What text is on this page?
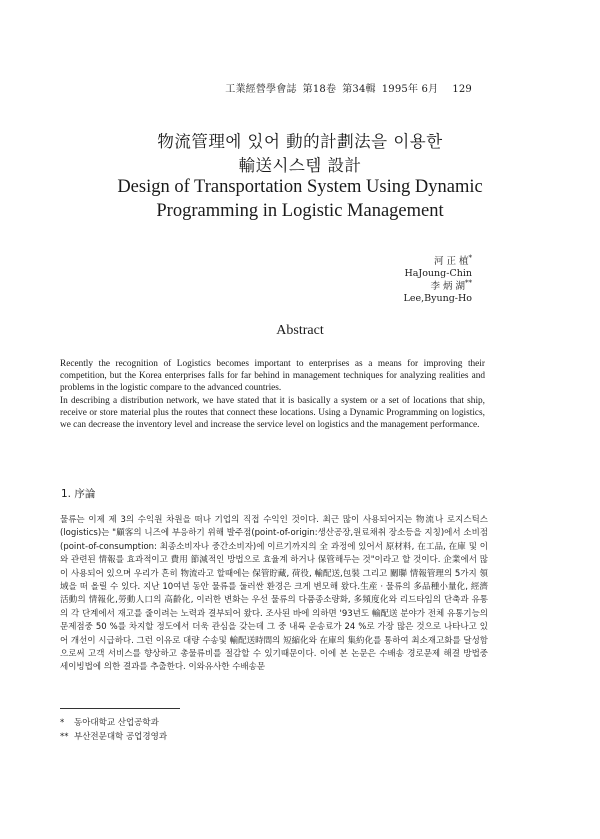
工業經營學會誌 第18卷 第34輯 1995年 6月 129
物流管理에 있어 動的計劃法을 이용한
輸送시스템 設計
Design of Transportation System Using Dynamic
Programming in Logistic Management
河 正 植*
HaJoung-Chin
李 炳 湖**
Lee,Byung-Ho
Abstract

Recently the recognition of Logistics becomes important to enterprises as a means for improving their competition, but the Korea enterprises falls for far behind in management techniques for analyzing realities and problems in the logistic compare to the advanced countries.

In describing a distribution network, we have stated that it is basically a system or a set of locations that ship, receive or store material plus the routes that connect these locations. Using a Dynamic Programming on logistics, we can decrease the inventory level and increase the service level on logistics and the management performance.

1. 序論
물류는 이제 제 3의 수익원 차원을 떠나 기업의 직접 수익인 것이다. 최근 많이 사용되어지는 物流나 로지스틱스(logistics)는 "顧客의 니즈에 부응하기 위해 발주점(point-of-origin:생산공장,원료채취 장소등을 지칭)에서 소비점(point-of-consumption: 최종소비자나 중간소비자)에 이르기까지의 全 과정에 있어서 原材料, 在工品, 在庫 및 이와 관련된 情報를 효과적이고 費用 節減적인 방법으로 효율계 하거나 保管해두는 것"이라고 할 것이다. 企業에서 많이 사용되어 있으며 우리가 흔히 物流라고 할때에는 保管貯藏, 荷役, 輸配送,包裝 그리고 關聯 情報管理의 5가지 領域을 떠 올릴 수 있다. 지난 10여년 동안 물류를 둘러싼 환경은 크게 변모해 왔다.生産 · 물류의 多品種小量化, 經濟活動의 情報化,勞動人口의 高齡化, 이러한 변화는 우선 물류의 다품종소량화, 多頻度化와 리드타임의 단축과 유통의 각 단계에서 재고를 줄이려는 노력과 결부되어 왔다. 조사된 바에 의하면 '93년도 輸配送 분야가 전체 유통기능의 문제점중 50 %를 차지할 정도에서 더욱 관심을 갖는데 그 중 내륙 운송료가 24 %로 가장 많은 것으로 나타나고 있어 개선이 시급하다. 그런 이유로 대량 수송및 輸配送時間의 短縮化와 在庫의 集約化를 통하여 최소재고화를 달성함으로써 고객 서비스를 향상하고 총물류비를 절감할 수 있기때문이다. 이에 본 논문은 수배송 경로문제 해결 방법중 세이빙법에 의한 결과를 추출한다. 이와유사한 수배송문
* 동아대학교 산업공학과
** 부산전문대학 공업경영과
